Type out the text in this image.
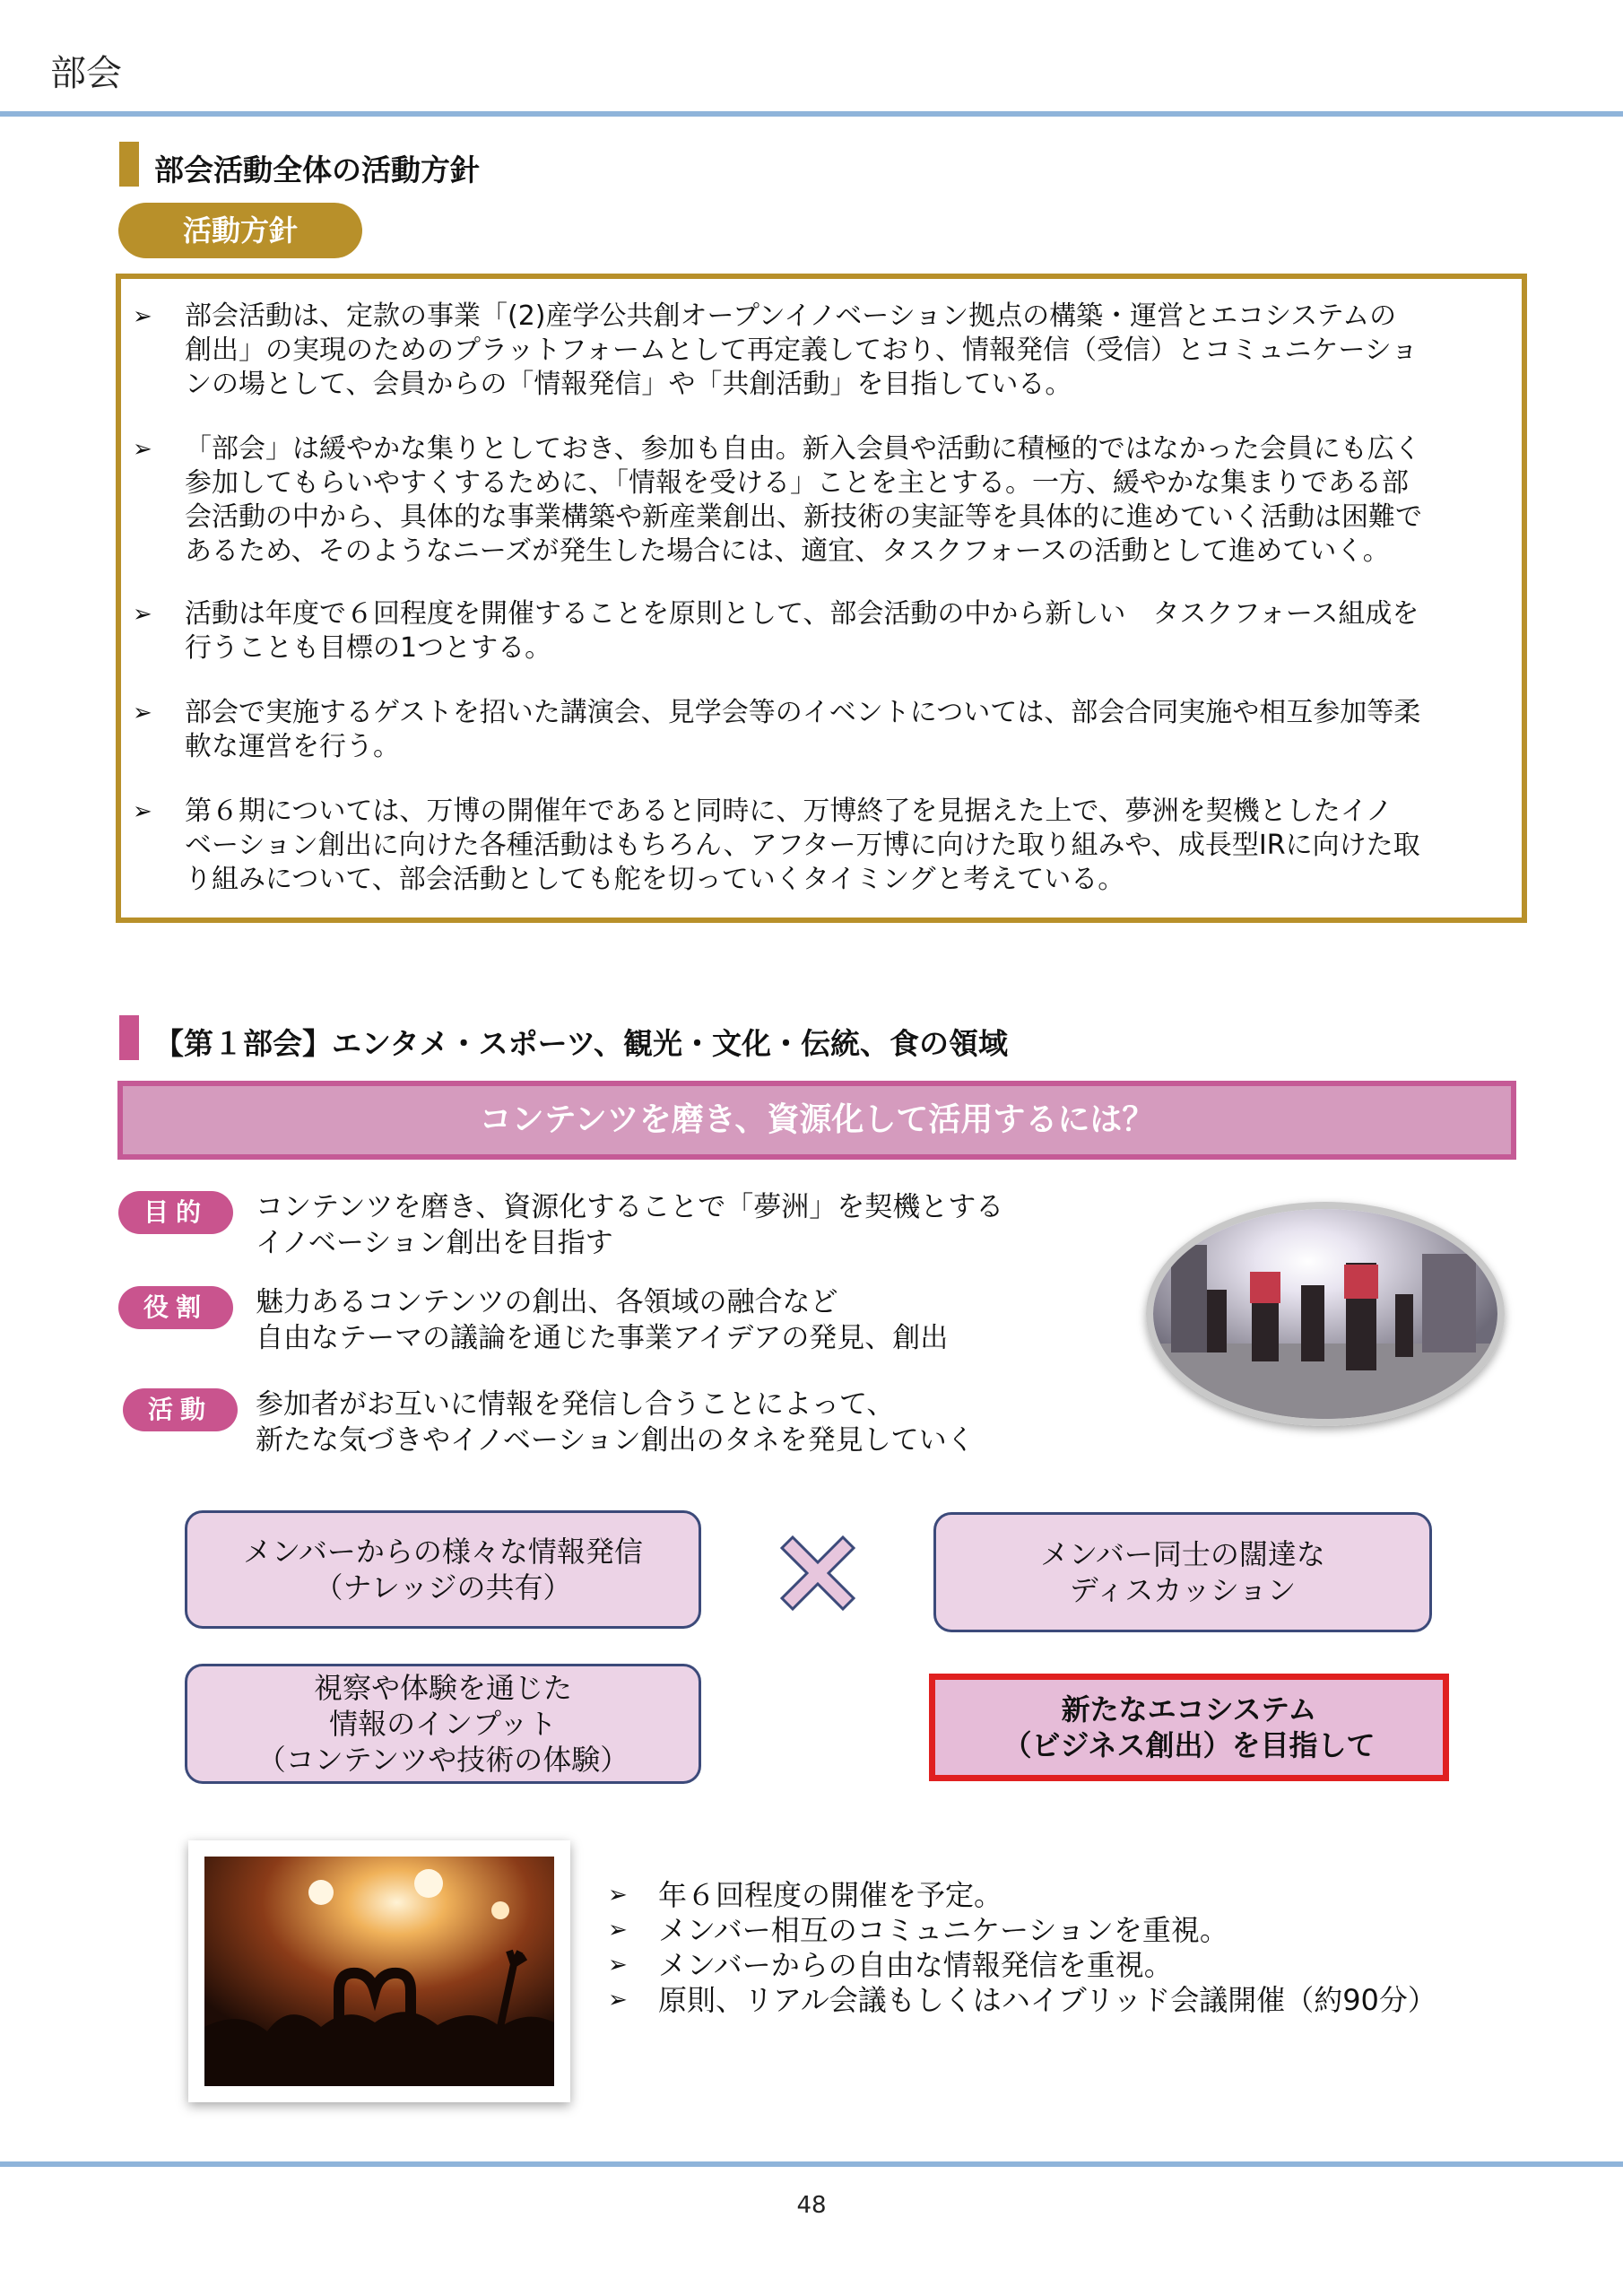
部会
部会活動全体の活動方針
活動方針
➢	部会活動は、定款の事業「(2)産学公共創オープンイノベーション拠点の構築・運営とエコシステムの
創出」の実現のためのプラットフォームとして再定義しており、情報発信（受信）とコミュニケーショ
ンの場として、会員からの「情報発信」や「共創活動」を目指している。
➢	「部会」は緩やかな集りとしておき、参加も自由。新入会員や活動に積極的ではなかった会員にも広く
参加してもらいやすくするために、「情報を受ける」ことを主とする。一方、緩やかな集まりである部
会活動の中から、具体的な事業構築や新産業創出、新技術の実証等を具体的に進めていく活動は困難で
あるため、そのようなニーズが発生した場合には、適宜、タスクフォースの活動として進めていく。
➢	活動は年度で６回程度を開催することを原則として、部会活動の中から新しい　タスクフォース組成を
行うことも目標の1つとする。
➢	部会で実施するゲストを招いた講演会、見学会等のイベントについては、部会合同実施や相互参加等柔
軟な運営を行う。
➢	第６期については、万博の開催年であると同時に、万博終了を見据えた上で、夢洲を契機としたイノ
ベーション創出に向けた各種活動はもちろん、アフター万博に向けた取り組みや、成長型IRに向けた取
り組みについて、部会活動としても舵を切っていくタイミングと考えている。
【第１部会】エンタメ・スポーツ、観光・文化・伝統、食の領域
コンテンツを磨き、資源化して活用するには？
目的	コンテンツを磨き、資源化することで「夢洲」を契機とする
イノベーション創出を目指す
役割	魅力あるコンテンツの創出、各領域の融合など
自由なテーマの議論を通じた事業アイデアの発見、創出
活動	参加者がお互いに情報を発信し合うことによって、
新たな気づきやイノベーション創出のタネを発見していく
メンバーからの様々な情報発信
（ナレッジの共有）
メンバー同士の闊達な
ディスカッション
視察や体験を通じた
情報のインプット
（コンテンツや技術の体験）
新たなエコシステム
（ビジネス創出）を目指して
➢	年６回程度の開催を予定。
➢	メンバー相互のコミュニケーションを重視。
➢	メンバーからの自由な情報発信を重視。
➢	原則、リアル会議もしくはハイブリッド会議開催（約90分）
48
